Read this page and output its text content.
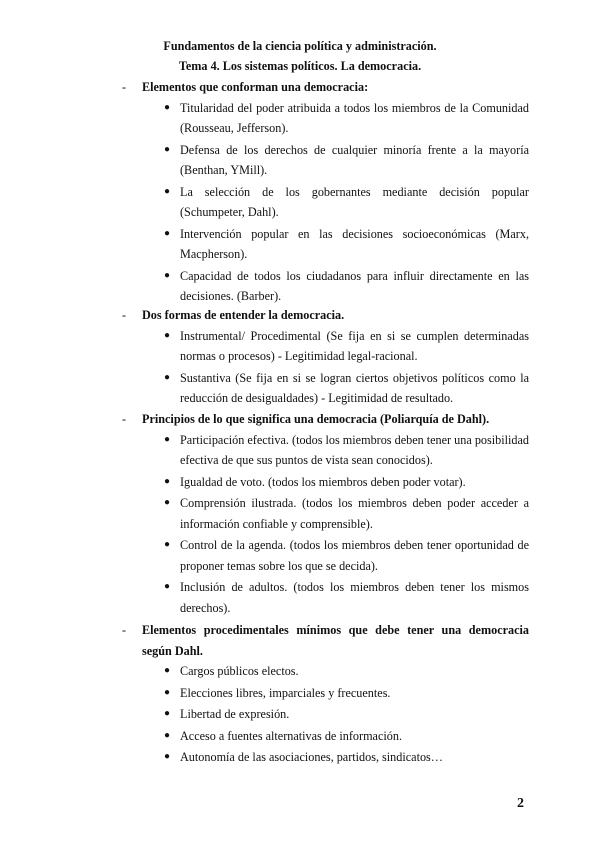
Fundamentos de la ciencia política y administración.
Tema 4. Los sistemas políticos. La democracia.
-	Elementos que conforman una democracia:
● Titularidad del poder atribuida a todos los miembros de la Comunidad (Rousseau, Jefferson).
● Defensa de los derechos de cualquier minoría frente a la mayoría (Benthan, YMill).
● La selección de los gobernantes mediante decisión popular (Schumpeter, Dahl).
● Intervención popular en las decisiones socioeconómicas (Marx, Macpherson).
● Capacidad de todos los ciudadanos para influir directamente en las decisiones. (Barber).
-	Dos formas de entender la democracia.
● Instrumental/ Procedimental (Se fija en si se cumplen determinadas normas o procesos) - Legitimidad legal-racional.
● Sustantiva (Se fija en si se logran ciertos objetivos políticos como la reducción de desigualdades) - Legitimidad de resultado.
-	Principios de lo que significa una democracia (Poliarquía de Dahl).
● Participación efectiva. (todos los miembros deben tener una posibilidad efectiva de que sus puntos de vista sean conocidos).
● Igualdad de voto. (todos los miembros deben poder votar).
● Comprensión ilustrada. (todos los miembros deben poder acceder a información confiable y comprensible).
● Control de la agenda. (todos los miembros deben tener oportunidad de proponer temas sobre los que se decida).
● Inclusión de adultos. (todos los miembros deben tener los mismos derechos).
-	Elementos procedimentales mínimos que debe tener una democracia según Dahl.
● Cargos públicos electos.
● Elecciones libres, imparciales y frecuentes.
● Libertad de expresión.
● Acceso a fuentes alternativas de información.
● Autonomía de las asociaciones, partidos, sindicatos…
2
